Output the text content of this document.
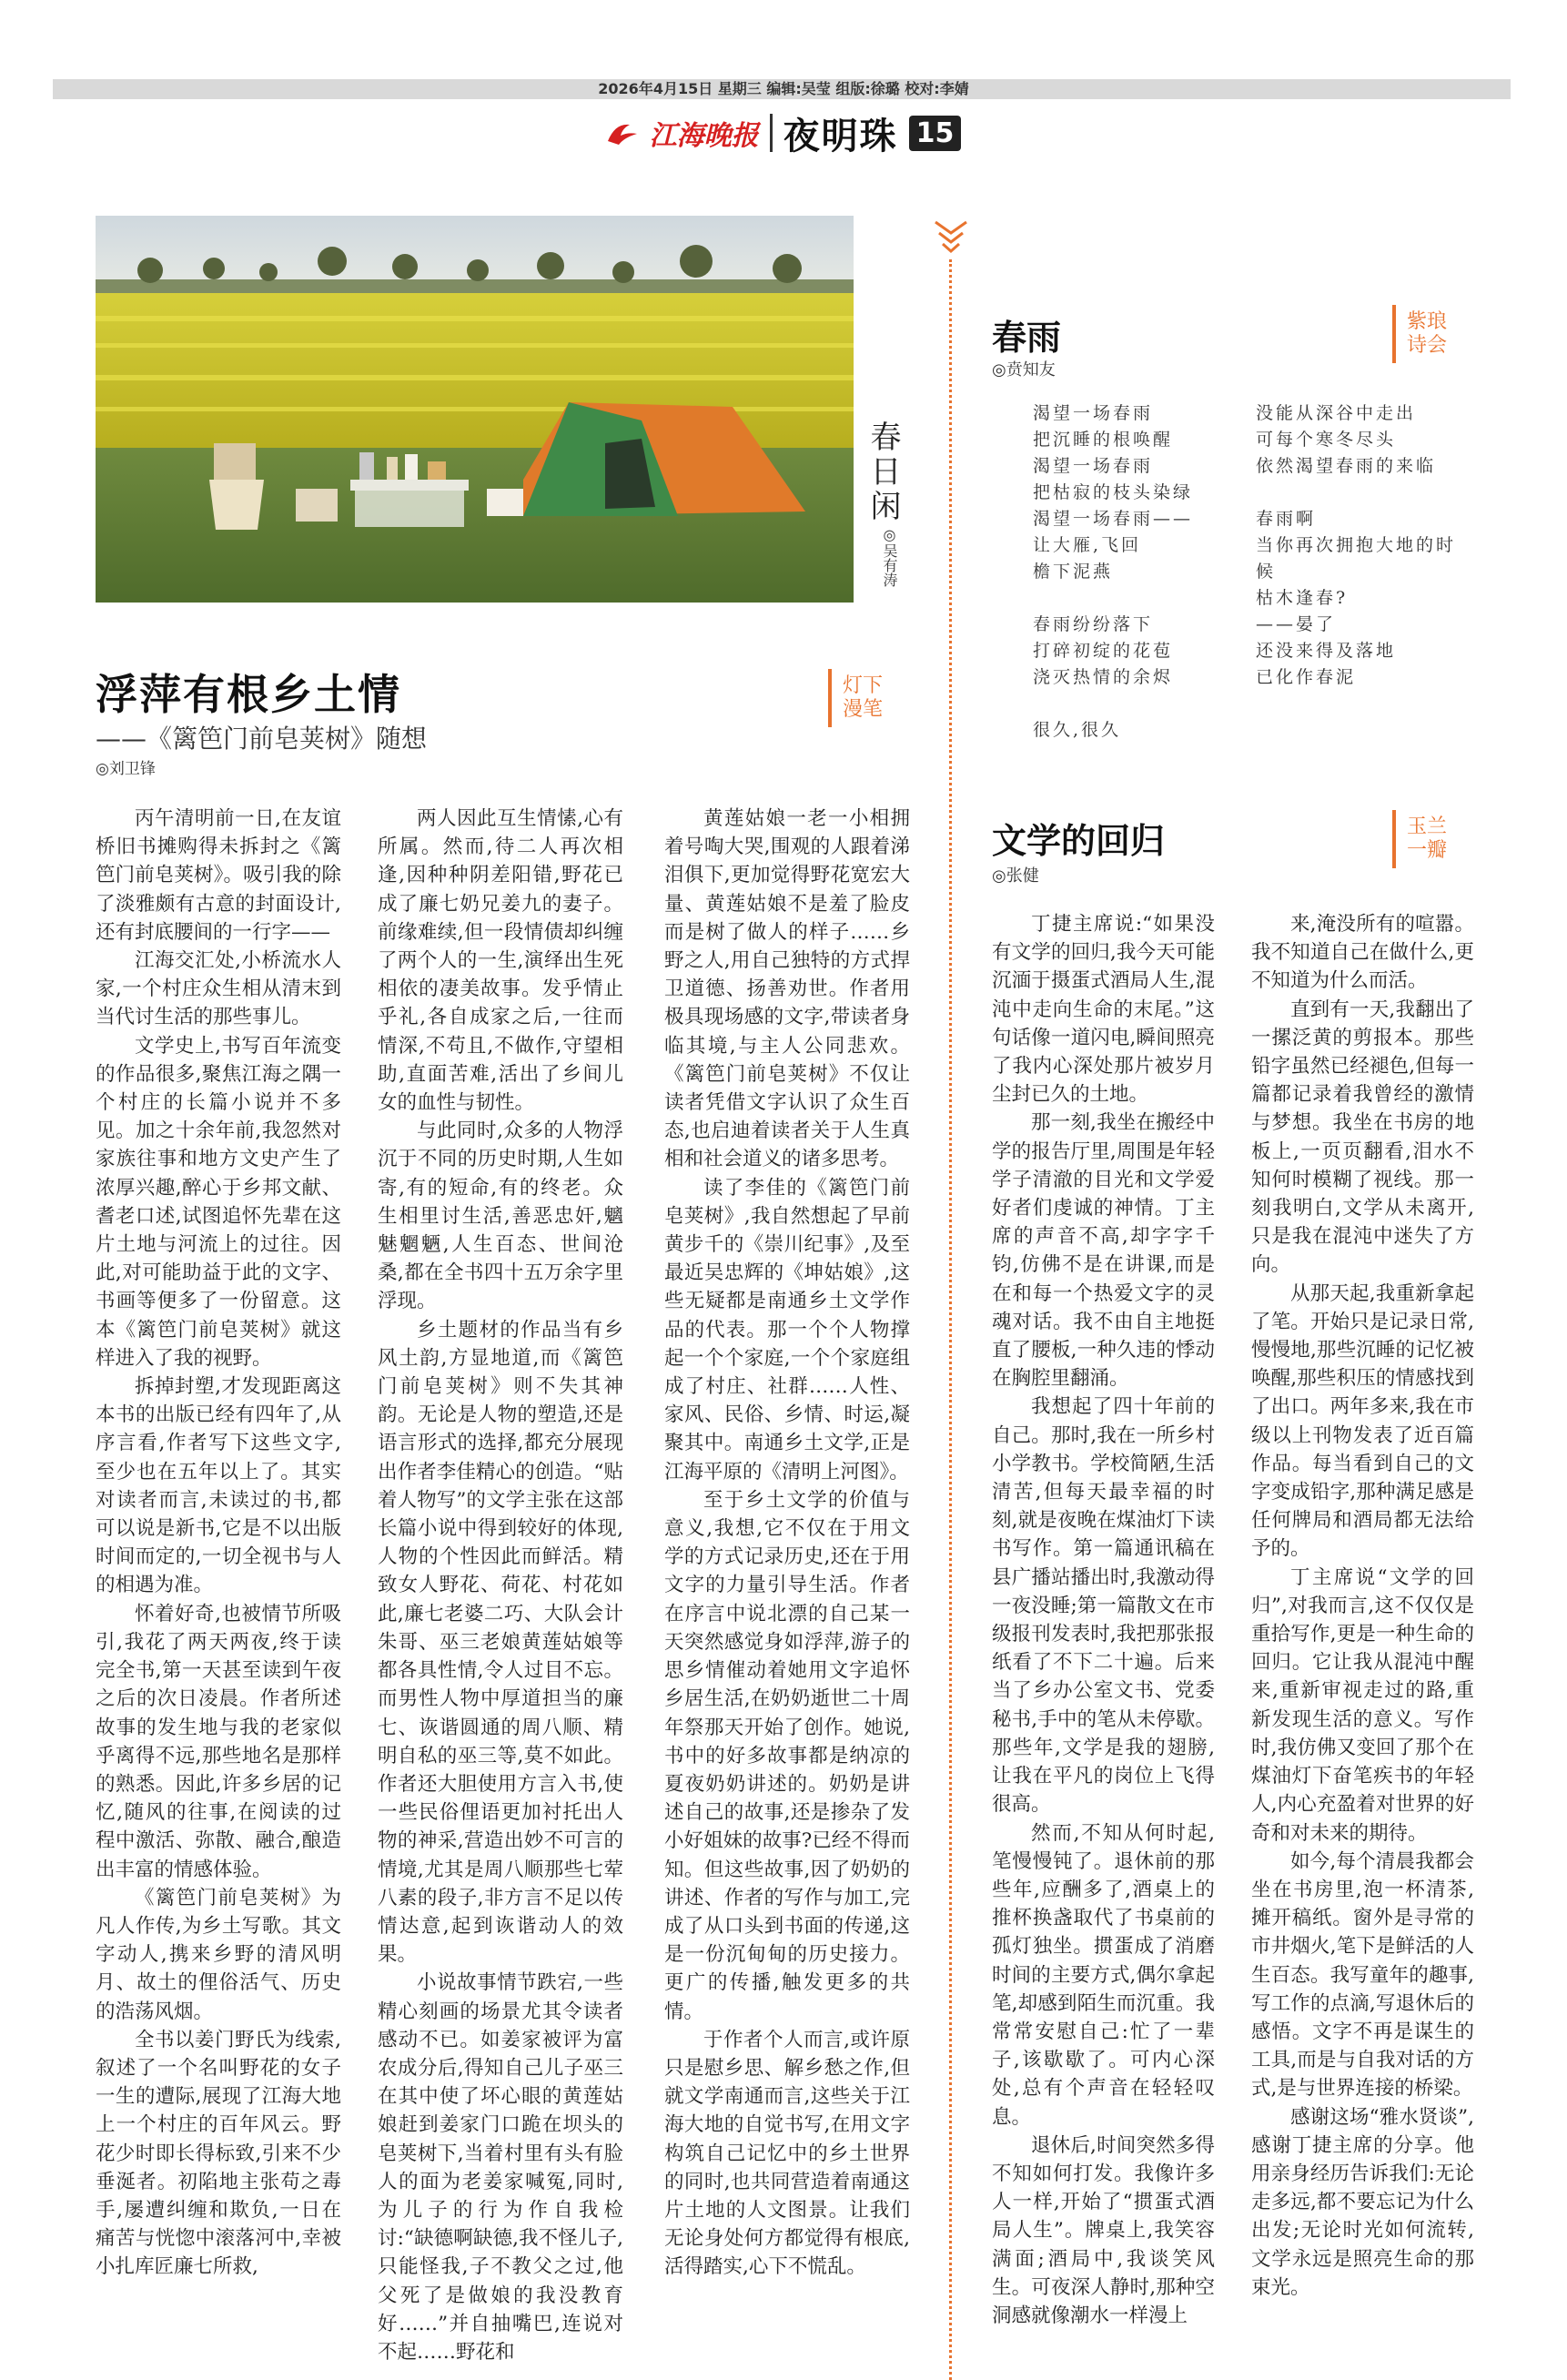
2026年4月15日 星期三 编辑:吴莹 组版:徐璐 校对:李婧
江海晚报 夜明珠 15
春日闲
◎吴有涛
浮萍有根乡土情
——《篱笆门前皂荚树》随想
◎刘卫锋
灯下漫笔

丙午清明前一日,在友谊桥旧书摊购得未拆封之《篱笆门前皂荚树》。吸引我的除了淡雅颇有古意的封面设计,还有封底腰间的一行字——

江海交汇处,小桥流水人家,一个村庄众生相从清末到当代讨生活的那些事儿。

文学史上,书写百年流变的作品很多,聚焦江海之隅一个村庄的长篇小说并不多见。加之十余年前,我忽然对家族往事和地方文史产生了浓厚兴趣,醉心于乡邦文献、耆老口述,试图追怀先辈在这片土地与河流上的过往。因此,对可能助益于此的文字、书画等便多了一份留意。这本《篱笆门前皂荚树》就这样进入了我的视野。

拆掉封塑,才发现距离这本书的出版已经有四年了,从序言看,作者写下这些文字,至少也在五年以上了。其实对读者而言,未读过的书,都可以说是新书,它是不以出版时间而定的,一切全视书与人的相遇为准。

怀着好奇,也被情节所吸引,我花了两天两夜,终于读完全书,第一天甚至读到午夜之后的次日凌晨。作者所述故事的发生地与我的老家似乎离得不远,那些地名是那样的熟悉。因此,许多乡居的记忆,随风的往事,在阅读的过程中激活、弥散、融合,酿造出丰富的情感体验。

《篱笆门前皂荚树》为凡人作传,为乡土写歌。其文字动人,携来乡野的清风明月、故土的俚俗活气、历史的浩荡风烟。

全书以姜门野氏为线索,叙述了一个名叫野花的女子一生的遭际,展现了江海大地上一个村庄的百年风云。野花少时即长得标致,引来不少垂涎者。初陷地主张苟之毒手,屡遭纠缠和欺负,一日在痛苦与恍惚中滚落河中,幸被小扎库匠廉七所救,

两人因此互生情愫,心有所属。然而,待二人再次相逢,因种种阴差阳错,野花已成了廉七奶兄姜九的妻子。前缘难续,但一段情债却纠缠了两个人的一生,演绎出生死相依的凄美故事。发乎情止乎礼,各自成家之后,一往而情深,不苟且,不做作,守望相助,直面苦难,活出了乡间儿女的血性与韧性。

与此同时,众多的人物浮沉于不同的历史时期,人生如寄,有的短命,有的终老。众生相里讨生活,善恶忠奸,魑魅魍魉,人生百态、世间沧桑,都在全书四十五万余字里浮现。

乡土题材的作品当有乡风土韵,方显地道,而《篱笆门前皂荚树》则不失其神韵。无论是人物的塑造,还是语言形式的选择,都充分展现出作者李佳精心的创造。“贴着人物写”的文学主张在这部长篇小说中得到较好的体现,人物的个性因此而鲜活。精致女人野花、荷花、村花如此,廉七老婆二巧、大队会计朱哥、巫三老娘黄莲姑娘等都各具性情,令人过目不忘。而男性人物中厚道担当的廉七、诙谐圆通的周八顺、精明自私的巫三等,莫不如此。作者还大胆使用方言入书,使一些民俗俚语更加衬托出人物的神采,营造出妙不可言的情境,尤其是周八顺那些七荤八素的段子,非方言不足以传情达意,起到诙谐动人的效果。

小说故事情节跌宕,一些精心刻画的场景尤其令读者感动不已。如姜家被评为富农成分后,得知自己儿子巫三在其中使了坏心眼的黄莲姑娘赶到姜家门口跪在坝头的皂荚树下,当着村里有头有脸人的面为老姜家喊冤,同时,为儿子的行为作自我检讨:“缺德啊缺德,我不怪儿子,只能怪我,子不教父之过,他父死了是做娘的我没教育好……”并自抽嘴巴,连说对不起……野花和

黄莲姑娘一老一小相拥着号啕大哭,围观的人跟着涕泪俱下,更加觉得野花宽宏大量、黄莲姑娘不是羞了脸皮而是树了做人的样子……乡野之人,用自己独特的方式捍卫道德、扬善劝世。作者用极具现场感的文字,带读者身临其境,与主人公同悲欢。《篱笆门前皂荚树》不仅让读者凭借文字认识了众生百态,也启迪着读者关于人生真相和社会道义的诸多思考。

读了李佳的《篱笆门前皂荚树》,我自然想起了早前黄步千的《崇川纪事》,及至最近吴忠辉的《坤姑娘》,这些无疑都是南通乡土文学作品的代表。那一个个人物撑起一个个家庭,一个个家庭组成了村庄、社群……人性、家风、民俗、乡情、时运,凝聚其中。南通乡土文学,正是江海平原的《清明上河图》。

至于乡土文学的价值与意义,我想,它不仅在于用文学的方式记录历史,还在于用文字的力量引导生活。作者在序言中说北漂的自己某一天突然感觉身如浮萍,游子的思乡情催动着她用文字追怀乡居生活,在奶奶逝世二十周年祭那天开始了创作。她说,书中的好多故事都是纳凉的夏夜奶奶讲述的。奶奶是讲述自己的故事,还是掺杂了发小好姐妹的故事?已经不得而知。但这些故事,因了奶奶的讲述、作者的写作与加工,完成了从口头到书面的传递,这是一份沉甸甸的历史接力。更广的传播,触发更多的共情。

于作者个人而言,或许原只是慰乡思、解乡愁之作,但就文学南通而言,这些关于江海大地的自觉书写,在用文字构筑自己记忆中的乡土世界的同时,也共同营造着南通这片土地的人文图景。让我们无论身处何方都觉得有根底,活得踏实,心下不慌乱。

春雨
◎贲知友
紫琅诗会
渴望一场春雨
把沉睡的根唤醒
渴望一场春雨
把枯寂的枝头染绿
渴望一场春雨——
让大雁,飞回
檐下泥燕

春雨纷纷落下
打碎初绽的花苞
浇灭热情的余烬

很久,很久
没能从深谷中走出
可每个寒冬尽头
依然渴望春雨的来临

春雨啊
当你再次拥抱大地的时候
枯木逢春?
——晏了
还没来得及落地
已化作春泥
文学的回归
◎张健
玉兰一瓣

丁捷主席说:“如果没有文学的回归,我今天可能沉湎于摄蛋式酒局人生,混沌中走向生命的末尾。”这句话像一道闪电,瞬间照亮了我内心深处那片被岁月尘封已久的土地。

那一刻,我坐在搬经中学的报告厅里,周围是年轻学子清澈的目光和文学爱好者们虔诚的神情。丁主席的声音不高,却字字千钧,仿佛不是在讲课,而是在和每一个热爱文字的灵魂对话。我不由自主地挺直了腰板,一种久违的悸动在胸腔里翻涌。

我想起了四十年前的自己。那时,我在一所乡村小学教书。学校简陋,生活清苦,但每天最幸福的时刻,就是夜晚在煤油灯下读书写作。第一篇通讯稿在县广播站播出时,我激动得一夜没睡;第一篇散文在市级报刊发表时,我把那张报纸看了不下二十遍。后来当了乡办公室文书、党委秘书,手中的笔从未停歇。那些年,文学是我的翅膀,让我在平凡的岗位上飞得很高。

然而,不知从何时起,笔慢慢钝了。退休前的那些年,应酬多了,酒桌上的推杯换盏取代了书桌前的孤灯独坐。掼蛋成了消磨时间的主要方式,偶尔拿起笔,却感到陌生而沉重。我常常安慰自己:忙了一辈子,该歇歇了。可内心深处,总有个声音在轻轻叹息。

退休后,时间突然多得不知如何打发。我像许多人一样,开始了“掼蛋式酒局人生”。牌桌上,我笑容满面;酒局中,我谈笑风生。可夜深人静时,那种空洞感就像潮水一样漫上

来,淹没所有的喧嚣。我不知道自己在做什么,更不知道为什么而活。

直到有一天,我翻出了一摞泛黄的剪报本。那些铅字虽然已经褪色,但每一篇都记录着我曾经的激情与梦想。我坐在书房的地板上,一页页翻看,泪水不知何时模糊了视线。那一刻我明白,文学从未离开,只是我在混沌中迷失了方向。

从那天起,我重新拿起了笔。开始只是记录日常,慢慢地,那些沉睡的记忆被唤醒,那些积压的情感找到了出口。两年多来,我在市级以上刊物发表了近百篇作品。每当看到自己的文字变成铅字,那种满足感是任何牌局和酒局都无法给予的。

丁主席说“文学的回归”,对我而言,这不仅仅是重拾写作,更是一种生命的回归。它让我从混沌中醒来,重新审视走过的路,重新发现生活的意义。写作时,我仿佛又变回了那个在煤油灯下奋笔疾书的年轻人,内心充盈着对世界的好奇和对未来的期待。

如今,每个清晨我都会坐在书房里,泡一杯清茶,摊开稿纸。窗外是寻常的市井烟火,笔下是鲜活的人生百态。我写童年的趣事,写工作的点滴,写退休后的感悟。文字不再是谋生的工具,而是与自我对话的方式,是与世界连接的桥梁。

感谢这场“雅水贤谈”,感谢丁捷主席的分享。他用亲身经历告诉我们:无论走多远,都不要忘记为什么出发;无论时光如何流转,文学永远是照亮生命的那束光。
